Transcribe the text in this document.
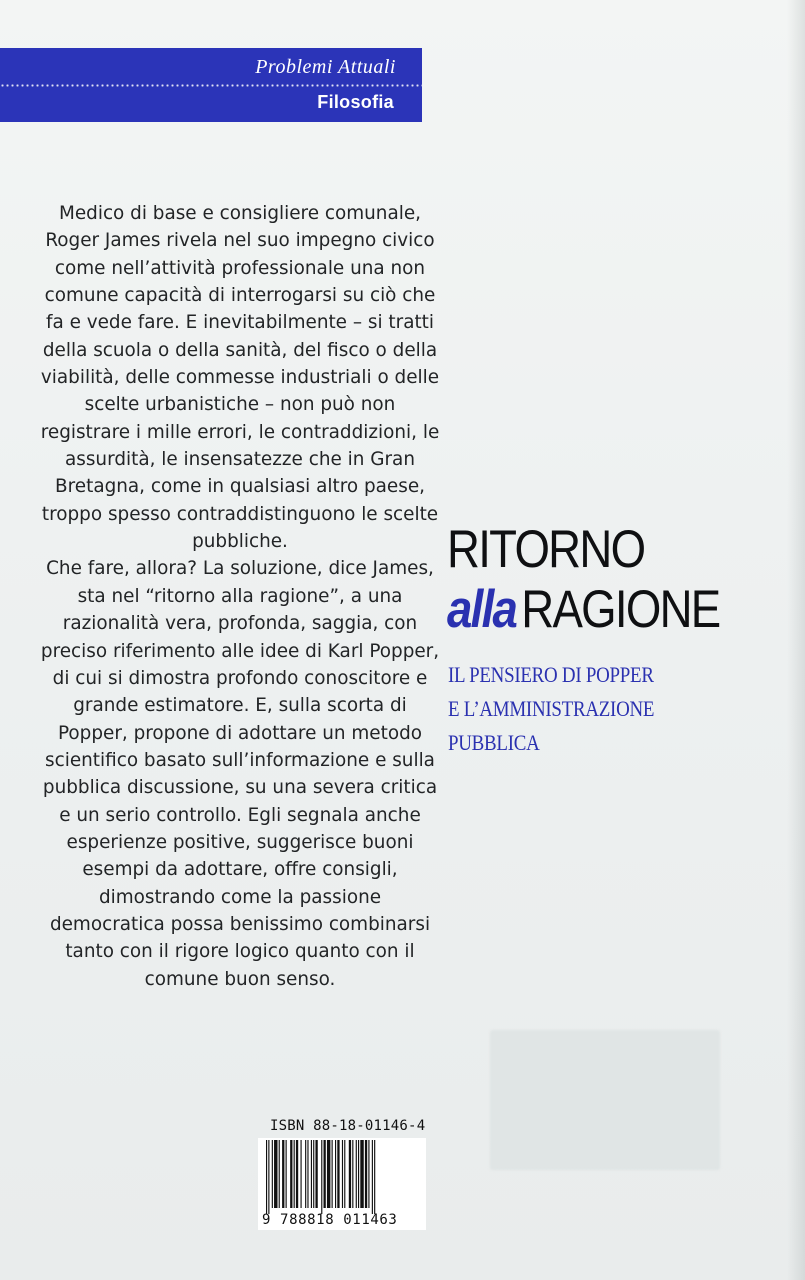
Problemi Attuali
Filosofia

Medico di base e consigliere comunale, Roger James rivela nel suo impegno civico come nell’attività professionale una non comune capacità di interrogarsi su ciò che fa e vede fare. E inevitabilmente – si tratti della scuola o della sanità, del fisco o della viabilità, delle commesse industriali o delle scelte urbanistiche – non può non registrare i mille errori, le contraddizioni, le assurdità, le insensatezze che in Gran Bretagna, come in qualsiasi altro paese, troppo spesso contraddistinguono le scelte pubbliche.

Che fare, allora? La soluzione, dice James, sta nel “ritorno alla ragione”, a una razionalità vera, profonda, saggia, con preciso riferimento alle idee di Karl Popper, di cui si dimostra profondo conoscitore e grande estimatore. E, sulla scorta di Popper, propone di adottare un metodo scientifico basato sull’informazione e sulla pubblica discussione, su una severa critica e un serio controllo. Egli segnala anche esperienze positive, suggerisce buoni esempi da adottare, offre consigli, dimostrando come la passione democratica possa benissimo combinarsi tanto con il rigore logico quanto con il comune buon senso.

RITORNO
allaRAGIONE
IL PENSIERO DI POPPER
E L’AMMINISTRAZIONE
PUBBLICA
ISBN 88-18-01146-4
9 788818 011463
